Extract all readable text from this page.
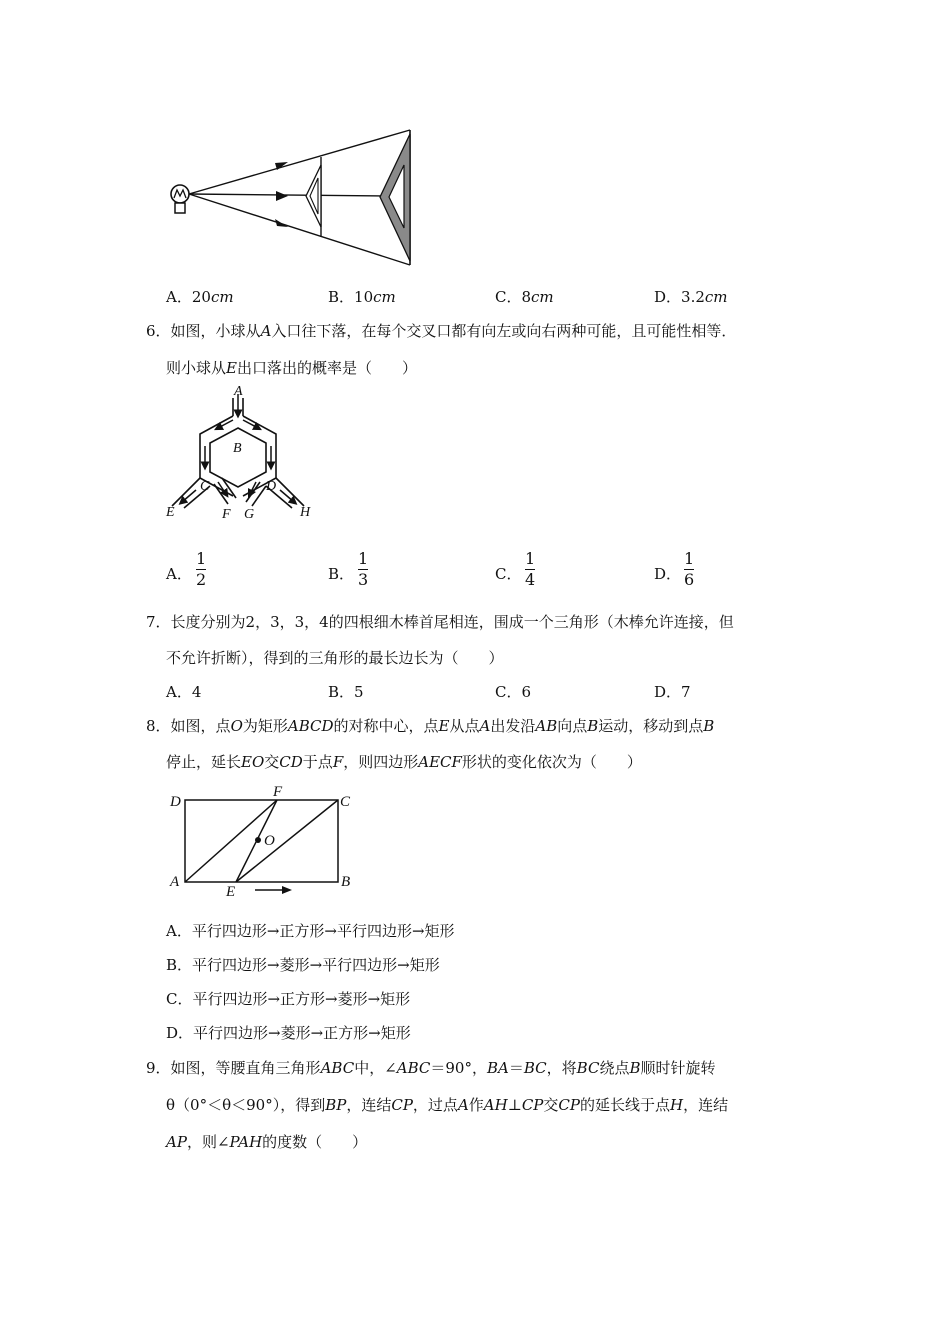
A．20cm	B．10cm	C．8cm	D．3.2cm
6．如图，小球从A入口往下落，在每个交叉口都有向左或向右两种可能，且可能性相等．
则小球从E出口落出的概率是（　　）
A
B
C	D
E	F G	H
A．
1
2	B．
1
3	C．
1
4	D．
1
6
7．长度分别为2，3，3，4的四根细木棒首尾相连，围成一个三角形（木棒允许连接，但
不允许折断），得到的三角形的最长边长为（　　）
A．4	B．5	C．6	D．7
8．如图，点O为矩形ABCD的对称中心，点E从点A出发沿AB向点B运动，移动到点B
停止，延长EO交CD于点F，则四边形AECF形状的变化依次为（　　）
D
F
C
O
A
E
B
A．平行四边形→正方形→平行四边形→矩形
B．平行四边形→菱形→平行四边形→矩形
C．平行四边形→正方形→菱形→矩形
D．平行四边形→菱形→正方形→矩形
9．如图，等腰直角三角形ABC中，∠ABC＝90°，BA＝BC，将BC绕点B顺时针旋转
θ（0°＜θ＜90°），得到BP，连结CP，过点A作AH⊥CP交CP的延长线于点H，连结
AP，则∠PAH的度数（　　）
